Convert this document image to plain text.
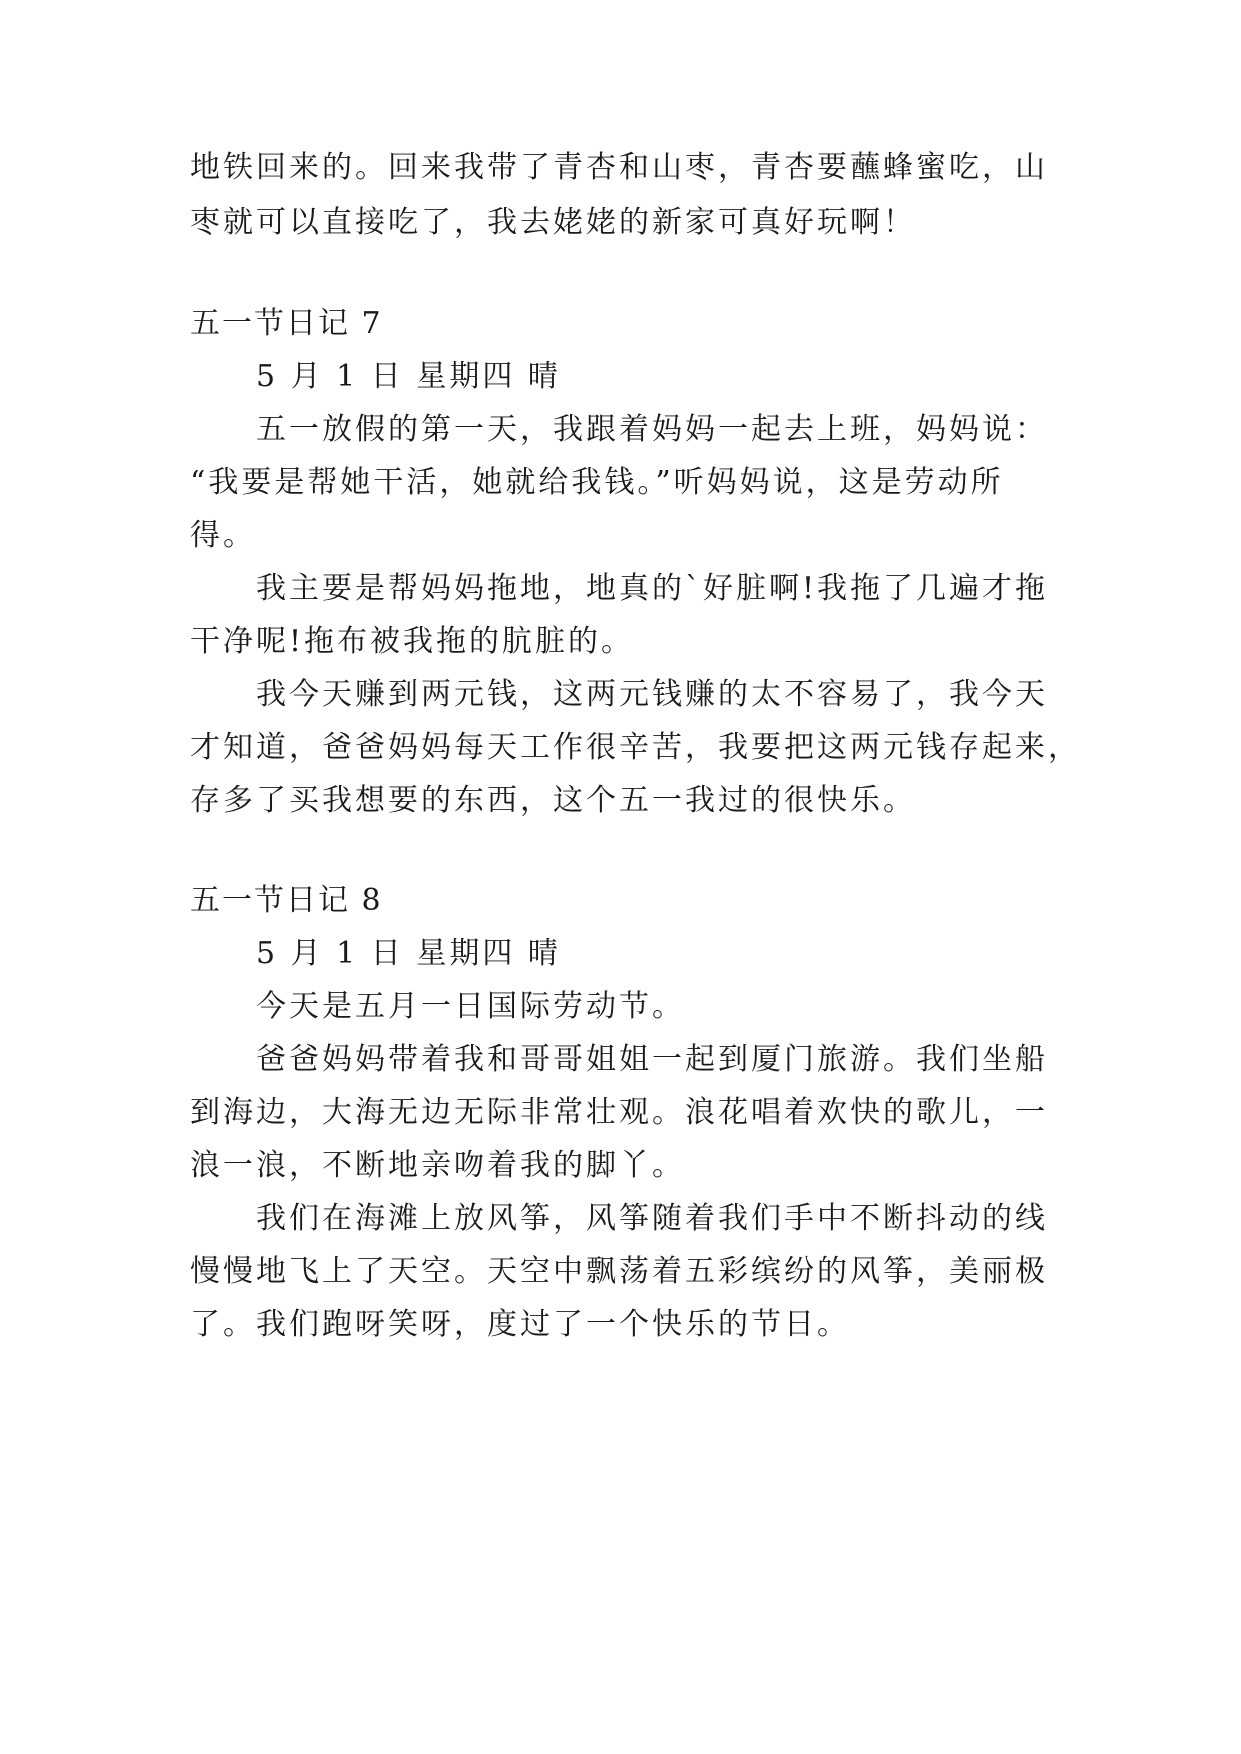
地铁回来的。回来我带了青杏和山枣，青杏要蘸蜂蜜吃，山
枣就可以直接吃了，我去姥姥的新家可真好玩啊！
五一节日记 7
5 月 1 日 星期四 晴
五一放假的第一天，我跟着妈妈一起去上班，妈妈说：
“我要是帮她干活，她就给我钱。”听妈妈说，这是劳动所
得。
我主要是帮妈妈拖地，地真的`好脏啊!我拖了几遍才拖
干净呢!拖布被我拖的肮脏的。
我今天赚到两元钱，这两元钱赚的太不容易了，我今天
才知道，爸爸妈妈每天工作很辛苦，我要把这两元钱存起来，
存多了买我想要的东西，这个五一我过的很快乐。
五一节日记 8
5 月 1 日 星期四 晴
今天是五月一日国际劳动节。
爸爸妈妈带着我和哥哥姐姐一起到厦门旅游。我们坐船
到海边，大海无边无际非常壮观。浪花唱着欢快的歌儿，一
浪一浪，不断地亲吻着我的脚丫。
我们在海滩上放风筝，风筝随着我们手中不断抖动的线
慢慢地飞上了天空。天空中飘荡着五彩缤纷的风筝，美丽极
了。我们跑呀笑呀，度过了一个快乐的节日。
